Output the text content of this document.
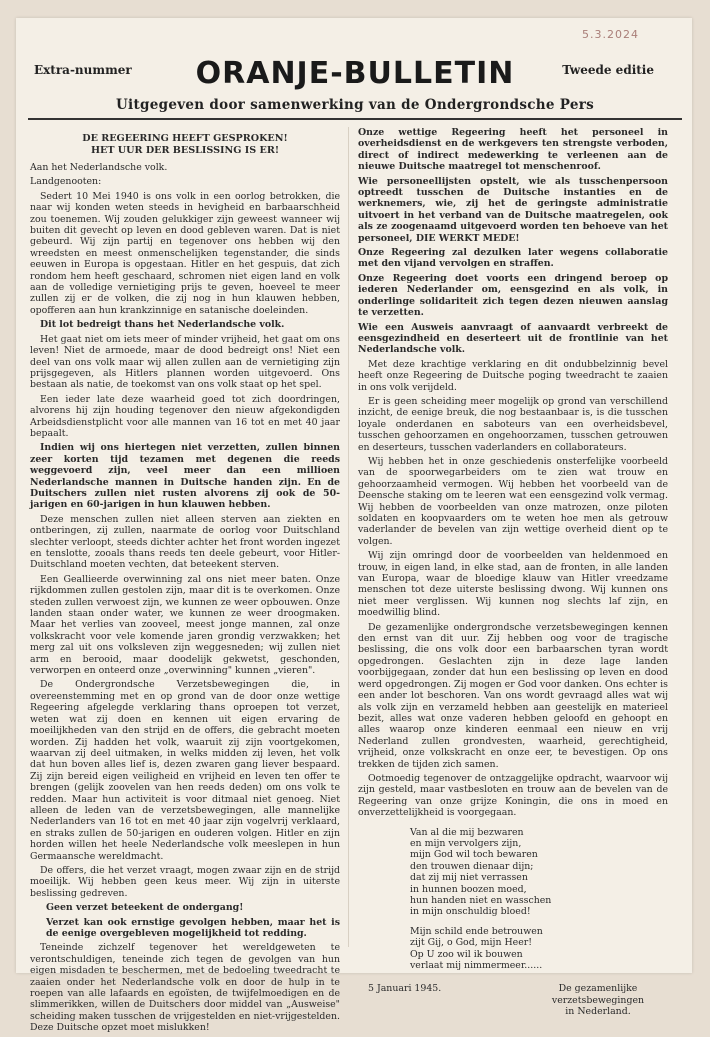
5.3.2024
Extra-nummer	ORANJE-BULLETIN	Tweede editie
Uitgegeven door samenwerking van de Ondergrondsche Pers
DE REGEERING HEEFT GESPROKEN!
HET UUR DER BESLISSING IS ER!

Aan het Nederlandsche volk.

Landgenooten:

Sedert 10 Mei 1940 is ons volk in een oorlog betrokken, die naar wij konden weten steeds in hevigheid en barbaarschheid zou toenemen. Wij zouden gelukkiger zijn geweest wanneer wij buiten dit gevecht op leven en dood gebleven waren. Dat is niet gebeurd. Wij zijn partij en tegenover ons hebben wij den wreedsten en meest onmenschelijken tegenstander, die sinds eeuwen in Europa is opgestaan. Hitler en het gespuis, dat zich rondom hem heeft geschaard, schromen niet eigen land en volk aan de volledige vernietiging prijs te geven, hoeveel te meer zullen zij er de volken, die zij nog in hun klauwen hebben, opofferen aan hun krankzinnige en satanische doeleinden.

Dit lot bedreigt thans het Nederlandsche volk.

Het gaat niet om iets meer of minder vrijheid, het gaat om ons leven! Niet de armoede, maar de dood bedreigt ons! Niet een deel van ons volk maar wij allen zullen aan de vernietiging zijn prijsgegeven, als Hitlers plannen worden uitgevoerd. Ons bestaan als natie, de toekomst van ons volk staat op het spel.

Een ieder late deze waarheid goed tot zich doordringen, alvorens hij zijn houding tegenover den nieuw afgekondigden Arbeidsdienstplicht voor alle mannen van 16 tot en met 40 jaar bepaalt.

Indien wij ons hiertegen niet verzetten, zullen binnen zeer korten tijd tezamen met degenen die reeds weggevoerd zijn, veel meer dan een millioen Nederlandsche mannen in Duitsche handen zijn. En de Duitschers zullen niet rusten alvorens zij ook de 50-jarigen en 60-jarigen in hun klauwen hebben.

Deze menschen zullen niet alleen sterven aan ziekten en ontberingen, zij zullen, naarmate de oorlog voor Duitschland slechter verloopt, steeds dichter achter het front worden ingezet en tenslotte, zooals thans reeds ten deele gebeurt, voor Hitler-Duitschland moeten vechten, dat beteekent sterven.

Een Geallieerde overwinning zal ons niet meer baten. Onze rijkdommen zullen gestolen zijn, maar dit is te overkomen. Onze steden zullen verwoest zijn, we kunnen ze weer opbouwen. Onze landen staan onder water, we kunnen ze weer droogmaken. Maar het verlies van zooveel, meest jonge mannen, zal onze volkskracht voor vele komende jaren grondig verzwakken; het merg zal uit ons volksleven zijn weggesneden; wij zullen niet arm en berooid, maar doodelijk gekwetst, geschonden, verworpen en onteerd onze „overwinning" kunnen „vieren".

De Ondergrondsche Verzetsbewegingen die, in overeenstemming met en op grond van de door onze wettige Regeering afgelegde verklaring thans oproepen tot verzet, weten wat zij doen en kennen uit eigen ervaring de moeilijkheden van den strijd en de offers, die gebracht moeten worden. Zij hadden het volk, waaruit zij zijn voortgekomen, waarvan zij deel uitmaken, in welks midden zij leven, het volk dat hun boven alles lief is, dezen zwaren gang liever bespaard. Zij zijn bereid eigen veiligheid en vrijheid en leven ten offer te brengen (gelijk zoovelen van hen reeds deden) om ons volk te redden. Maar hun activiteit is voor ditmaal niet genoeg. Niet alleen de leden van de verzetsbewegingen, alle mannelijke Nederlanders van 16 tot en met 40 jaar zijn vogelvrij verklaard, en straks zullen de 50-jarigen en ouderen volgen. Hitler en zijn horden willen het heele Nederlandsche volk meeslepen in hun Germaansche wereldmacht.

De offers, die het verzet vraagt, mogen zwaar zijn en de strijd moeilijk. Wij hebben geen keus meer. Wij zijn in uiterste beslissing gedreven.

Geen verzet beteekent de ondergang!

Verzet kan ook ernstige gevolgen hebben, maar het is de eenige overgebleven mogelijkheid tot redding.

Teneinde zichzelf tegenover het wereldgeweten te verontschuldigen, teneinde zich tegen de gevolgen van hun eigen misdaden te beschermen, met de bedoeling tweedracht te zaaien onder het Nederlandsche volk en door de hulp in te roepen van alle lafaards en egoïsten, de twijfelmoedigen en de slimmerikken, willen de Duitschers door middel van „Ausweise" scheiding maken tusschen de vrijgestelden en niet-vrijgestelden. Deze Duitsche opzet moet mislukken!

Onze wettige Regeering heeft het personeel in overheidsdienst en de werkgevers ten strengste verboden, direct of indirect medewerking te verleenen aan de nieuwe Duitsche maatregel tot menschenroof.

Wie personeellijsten opstelt, wie als tusschenpersoon optreedt tusschen de Duitsche instanties en de werknemers, wie, zij het de geringste administratie uitvoert in het verband van de Duitsche maatregelen, ook als ze zoogenaamd uitgevoerd worden ten behoeve van het personeel, DIE WERKT MEDE!

Onze Regeering zal dezulken later wegens collaboratie met den vijand vervolgen en straffen.

Onze Regeering doet voorts een dringend beroep op iederen Nederlander om, eensgezind en als volk, in onderlinge solidariteit zich tegen dezen nieuwen aanslag te verzetten.

Wie een Ausweis aanvraagt of aanvaardt verbreekt de eensgezindheid en deserteert uit de frontlinie van het Nederlandsche volk.

Met deze krachtige verklaring en dit ondubbelzinnig bevel heeft onze Regeering de Duitsche poging tweedracht te zaaien in ons volk verijdeld.

Er is geen scheiding meer mogelijk op grond van verschillend inzicht, de eenige breuk, die nog bestaanbaar is, is die tusschen loyale onderdanen en saboteurs van een overheidsbevel, tusschen gehoorzamen en ongehoorzamen, tusschen getrouwen en deserteurs, tusschen vaderlanders en collaborateurs.

Wij hebben het in onze geschiedenis onsterfelijke voorbeeld van de spoorwegarbeiders om te zien wat trouw en gehoorzaamheid vermogen. Wij hebben het voorbeeld van de Deensche staking om te leeren wat een eensgezind volk vermag. Wij hebben de voorbeelden van onze matrozen, onze piloten soldaten en koopvaarders om te weten hoe men als getrouw vaderlander de bevelen van zijn wettige overheid dient op te volgen.

Wij zijn omringd door de voorbeelden van heldenmoed en trouw, in eigen land, in elke stad, aan de fronten, in alle landen van Europa, waar de bloedige klauw van Hitler vreedzame menschen tot deze uiterste beslissing dwong. Wij kunnen ons niet meer verglissen. Wij kunnen nog slechts laf zijn, en moedwillig blind.

De gezamenlijke ondergrondsche verzetsbewegingen kennen den ernst van dit uur. Zij hebben oog voor de tragische beslissing, die ons volk door een barbaarschen tyran wordt opgedrongen. Geslachten zijn in deze lage landen voorbijgegaan, zonder dat hun een beslissing op leven en dood werd opgedrongen. Zij mogen er God voor danken. Ons echter is een ander lot beschoren. Van ons wordt gevraagd alles wat wij als volk zijn en verzameld hebben aan geestelijk en materieel bezit, alles wat onze vaderen hebben geloofd en gehoopt en alles waarop onze kinderen eenmaal een nieuw en vrij Nederland zullen grondvesten, waarheid, gerechtigheid, vrijheid, onze volkskracht en onze eer, te bevestigen. Op ons trekken de tijden zich samen.

Ootmoedig tegenover de ontzaggelijke opdracht, waarvoor wij zijn gesteld, maar vastbesloten en trouw aan de bevelen van de Regeering van onze grijze Koningin, die ons in moed en onverzettelijkheid is voorgegaan.

Van al die mij bezwaren
en mijn vervolgers zijn,
mijn God wil toch bewaren
den trouwen dienaar dijn;
dat zij mij niet verrassen
in hunnen boozen moed,
hun handen niet en wasschen
in mijn onschuldig bloed!
Mijn schild ende betrouwen
zijt Gij, o God, mijn Heer!
Op U zoo wil ik bouwen
verlaat mij nimmermeer......
5 Januari 1945.	De gezamenlijke verzetsbewegingen
in Nederland.
